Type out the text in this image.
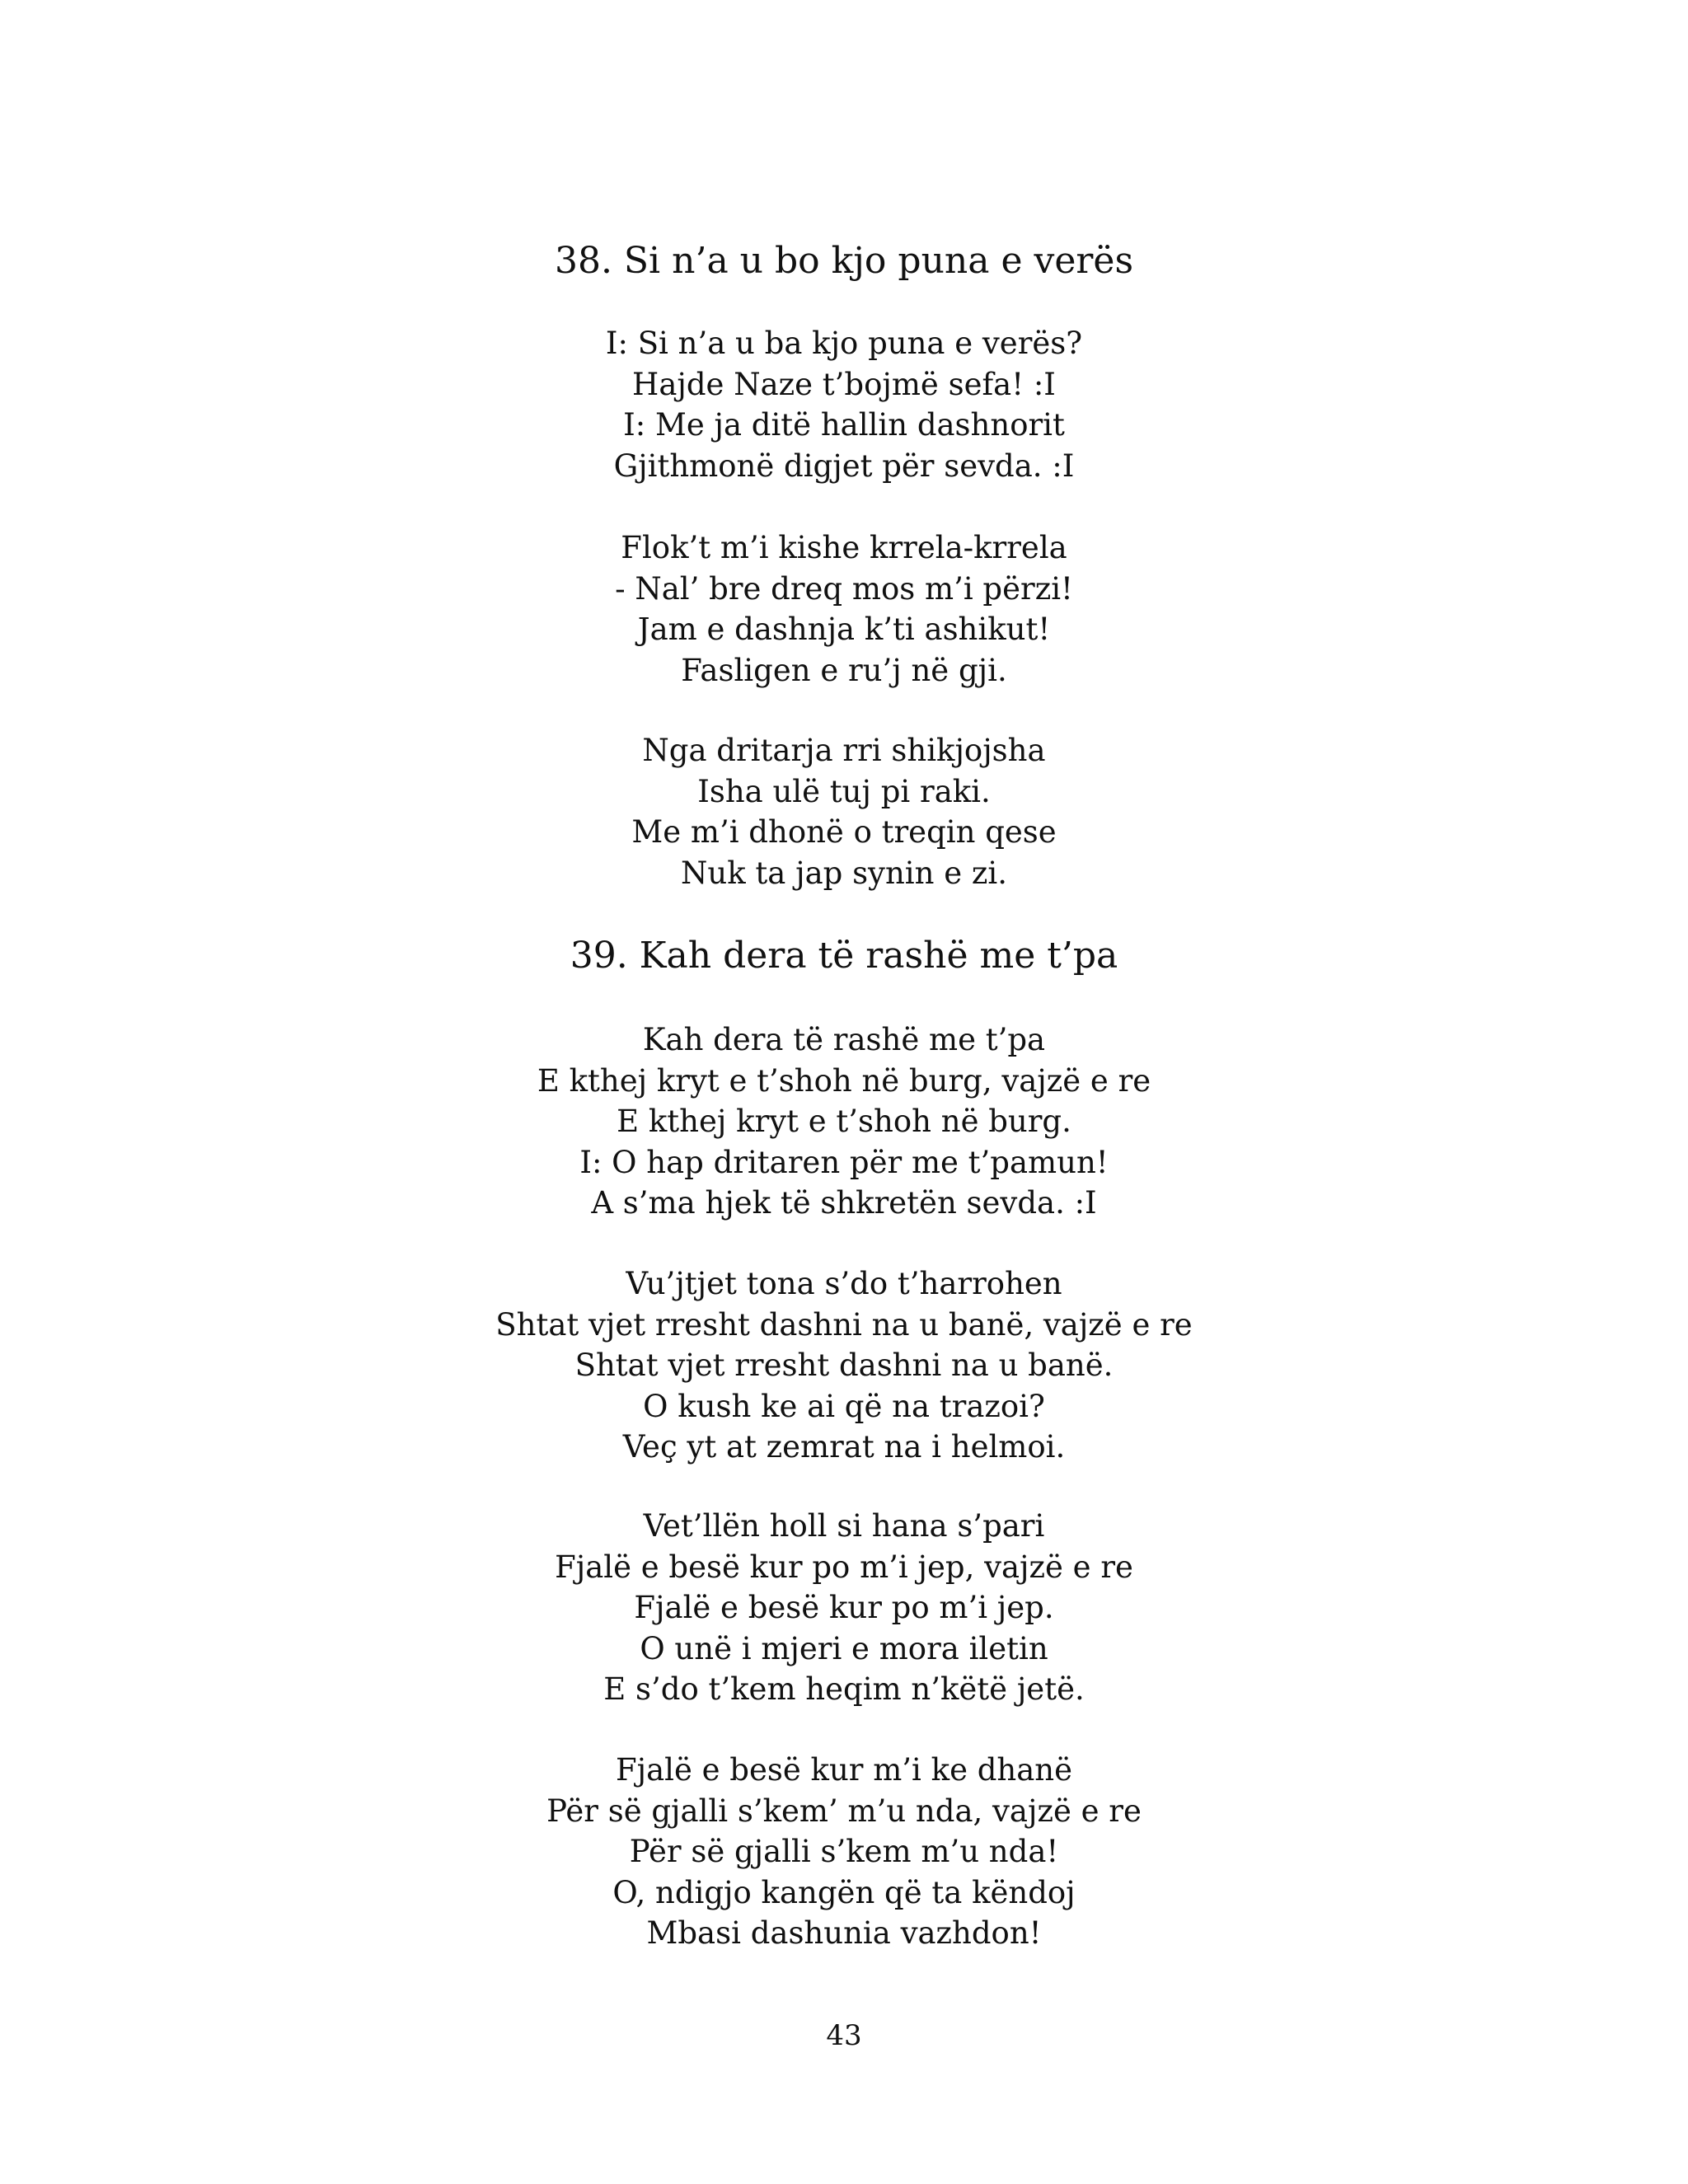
38. Si n’a u bo kjo puna e verës
I: Si n’a u ba kjo puna e verës?
Hajde Naze t’bojmë sefa! :I
I: Me ja ditë hallin dashnorit
Gjithmonë digjet për sevda. :I
Flok’t m’i kishe krrela-krrela
- Nal’ bre dreq mos m’i përzi!
Jam e dashnja k’ti ashikut!
Fasligen e ru’j në gji.
Nga dritarja rri shikjojsha
Isha ulë tuj pi raki.
Me m’i dhonë o treqin qese
Nuk ta jap synin e zi.
39. Kah dera të rashë me t’pa
Kah dera të rashë me t’pa
E kthej kryt e t’shoh në burg, vajzë e re
E kthej kryt e t’shoh në burg.
I: O hap dritaren për me t’pamun!
A s’ma hjek të shkretën sevda. :I
Vu’jtjet tona s’do t’harrohen
Shtat vjet rresht dashni na u banë, vajzë e re
Shtat vjet rresht dashni na u banë.
O kush ke ai që na trazoi?
Veç yt at zemrat na i helmoi.
Vet’llën holl si hana s’pari
Fjalë e besë kur po m’i jep, vajzë e re
Fjalë e besë kur po m’i jep.
O unë i mjeri e mora iletin
E s’do t’kem heqim n’këtë jetë.
Fjalë e besë kur m’i ke dhanë
Për së gjalli s’kem’ m’u nda, vajzë e re
Për së gjalli s’kem m’u nda!
O, ndigjo kangën që ta këndoj
Mbasi dashunia vazhdon!
43
